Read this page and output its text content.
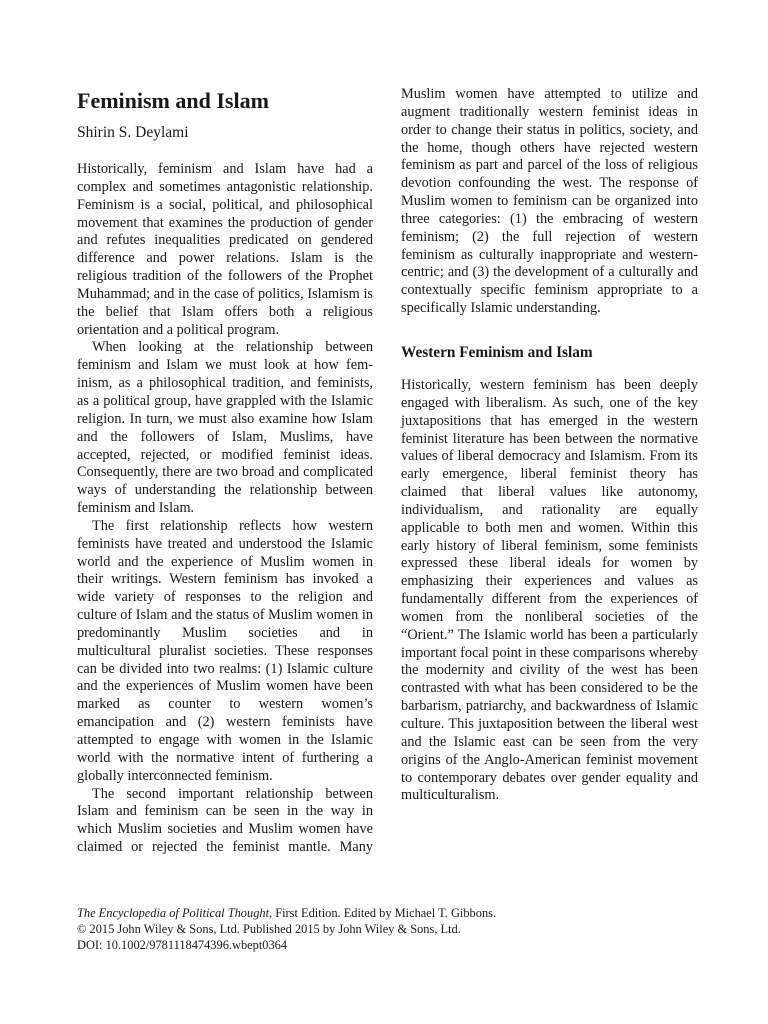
Feminism and Islam
Shirin S. Deylami

Historically, feminism and Islam have had a complex and sometimes antagonistic relationship. Feminism is a social, political, and philosophical movement that examines the production of gender and refutes inequalities predicated on gendered difference and power relations. Islam is the religious tradition of the followers of the Prophet Muhammad; and in the case of politics, Islamism is the belief that Islam offers both a religious orientation and a political program.

When looking at the relationship between feminism and Islam we must look at how feminism, as a philosophical tradition, and feminists, as a political group, have grappled with the Islamic religion. In turn, we must also examine how Islam and the followers of Islam, Muslims, have accepted, rejected, or modified feminist ideas. Consequently, there are two broad and complicated ways of understanding the relationship between feminism and Islam.

The first relationship reflects how western feminists have treated and understood the Islamic world and the experience of Muslim women in their writings. Western feminism has invoked a wide variety of responses to the religion and culture of Islam and the status of Muslim women in predominantly Muslim societies and in multicultural pluralist societies. These responses can be divided into two realms: (1) Islamic culture and the experiences of Muslim women have been marked as counter to western women’s emancipation and (2) western feminists have attempted to engage with women in the Islamic world with the normative intent of furthering a globally interconnected feminism.

The second important relationship between Islam and feminism can be seen in the way in which Muslim societies and Muslim women have claimed or rejected the feminist mantle. Many

Muslim women have attempted to utilize and augment traditionally western feminist ideas in order to change their status in politics, society, and the home, though others have rejected western feminism as part and parcel of the loss of religious devotion confounding the west. The response of Muslim women to feminism can be organized into three categories: (1) the embracing of western feminism; (2) the full rejection of western feminism as culturally inappropriate and western-centric; and (3) the development of a culturally and contextually specific feminism appropriate to a specifically Islamic understanding.

Western Feminism and Islam

Historically, western feminism has been deeply engaged with liberalism. As such, one of the key juxtapositions that has emerged in the western feminist literature has been between the normative values of liberal democracy and Islamism. From its early emergence, liberal feminist theory has claimed that liberal values like autonomy, individualism, and rationality are equally applicable to both men and women. Within this early history of liberal feminism, some feminists expressed these liberal ideals for women by emphasizing their experiences and values as fundamentally different from the experiences of women from the nonliberal societies of the “Orient.” The Islamic world has been a particularly important focal point in these comparisons whereby the modernity and civility of the west has been contrasted with what has been considered to be the barbarism, patriarchy, and backwardness of Islamic culture. This juxtaposition between the liberal west and the Islamic east can be seen from the very origins of the Anglo-American feminist movement to contemporary debates over gender equality and multiculturalism.

The Encyclopedia of Political Thought, First Edition. Edited by Michael T. Gibbons.
© 2015 John Wiley & Sons, Ltd. Published 2015 by John Wiley & Sons, Ltd.
DOI: 10.1002/9781118474396.wbept0364
